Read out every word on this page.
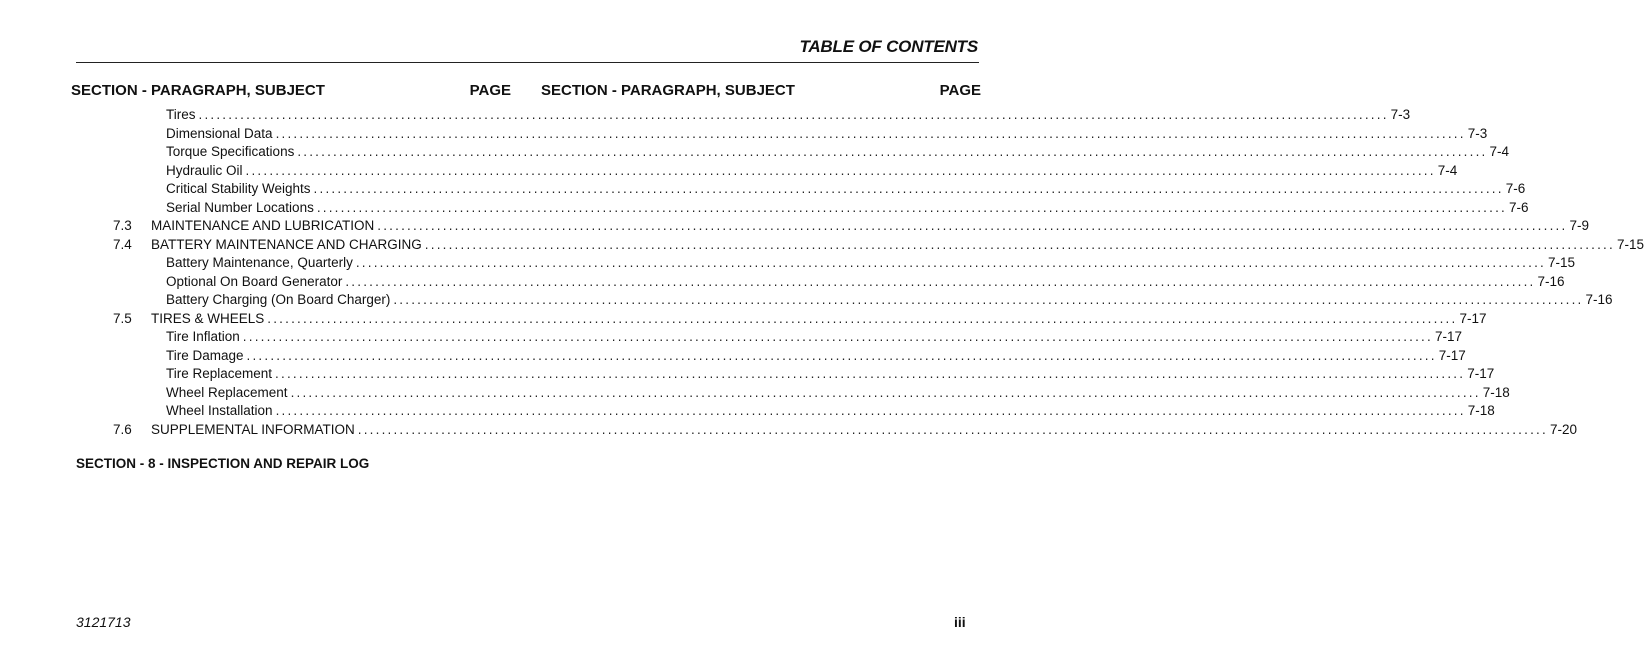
TABLE OF CONTENTS
SECTION - PARAGRAPH, SUBJECT	PAGE SECTION - PARAGRAPH, SUBJECT	PAGE
Tires ........................................................................................................................................................................................................ 7-3
Dimensional Data ........................................................................................................................................................................................................ 7-3
Torque Specifications ........................................................................................................................................................................................................ 7-4
Hydraulic Oil ........................................................................................................................................................................................................ 7-4
Critical Stability Weights ........................................................................................................................................................................................................ 7-6
Serial Number Locations ........................................................................................................................................................................................................ 7-6
7.3 MAINTENANCE AND LUBRICATION ........................................................................................................................................................................................................ 7-9
7.4 BATTERY MAINTENANCE AND CHARGING ........................................................................................................................................................................................................ 7-15
Battery Maintenance, Quarterly ........................................................................................................................................................................................................ 7-15
Optional On Board Generator ........................................................................................................................................................................................................ 7-16
Battery Charging (On Board Charger) ........................................................................................................................................................................................................ 7-16
7.5 TIRES & WHEELS ........................................................................................................................................................................................................ 7-17
Tire Inflation ........................................................................................................................................................................................................ 7-17
Tire Damage ........................................................................................................................................................................................................ 7-17
Tire Replacement ........................................................................................................................................................................................................ 7-17
Wheel Replacement ........................................................................................................................................................................................................ 7-18
Wheel Installation ........................................................................................................................................................................................................ 7-18
7.6 SUPPLEMENTAL INFORMATION ........................................................................................................................................................................................................ 7-20
SECTION - 8 - INSPECTION AND REPAIR LOG
3121713	iii
